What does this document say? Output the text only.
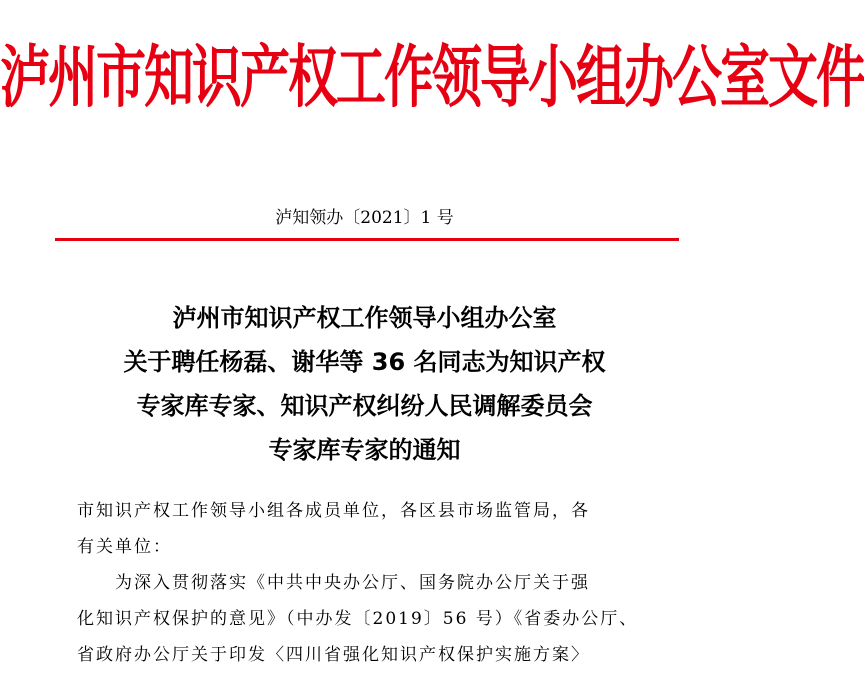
泸州市知识产权工作领导小组办公室文件
泸知领办〔2021〕1 号
泸州市知识产权工作领导小组办公室
关于聘任杨磊、谢华等 36 名同志为知识产权
专家库专家、知识产权纠纷人民调解委员会
专家库专家的通知
市知识产权工作领导小组各成员单位，各区县市场监管局，各
有关单位：
为深入贯彻落实《中共中央办公厅、国务院办公厅关于强
化知识产权保护的意见》（中办发〔2019〕56 号）《省委办公厅、
省政府办公厅关于印发〈四川省强化知识产权保护实施方案〉
